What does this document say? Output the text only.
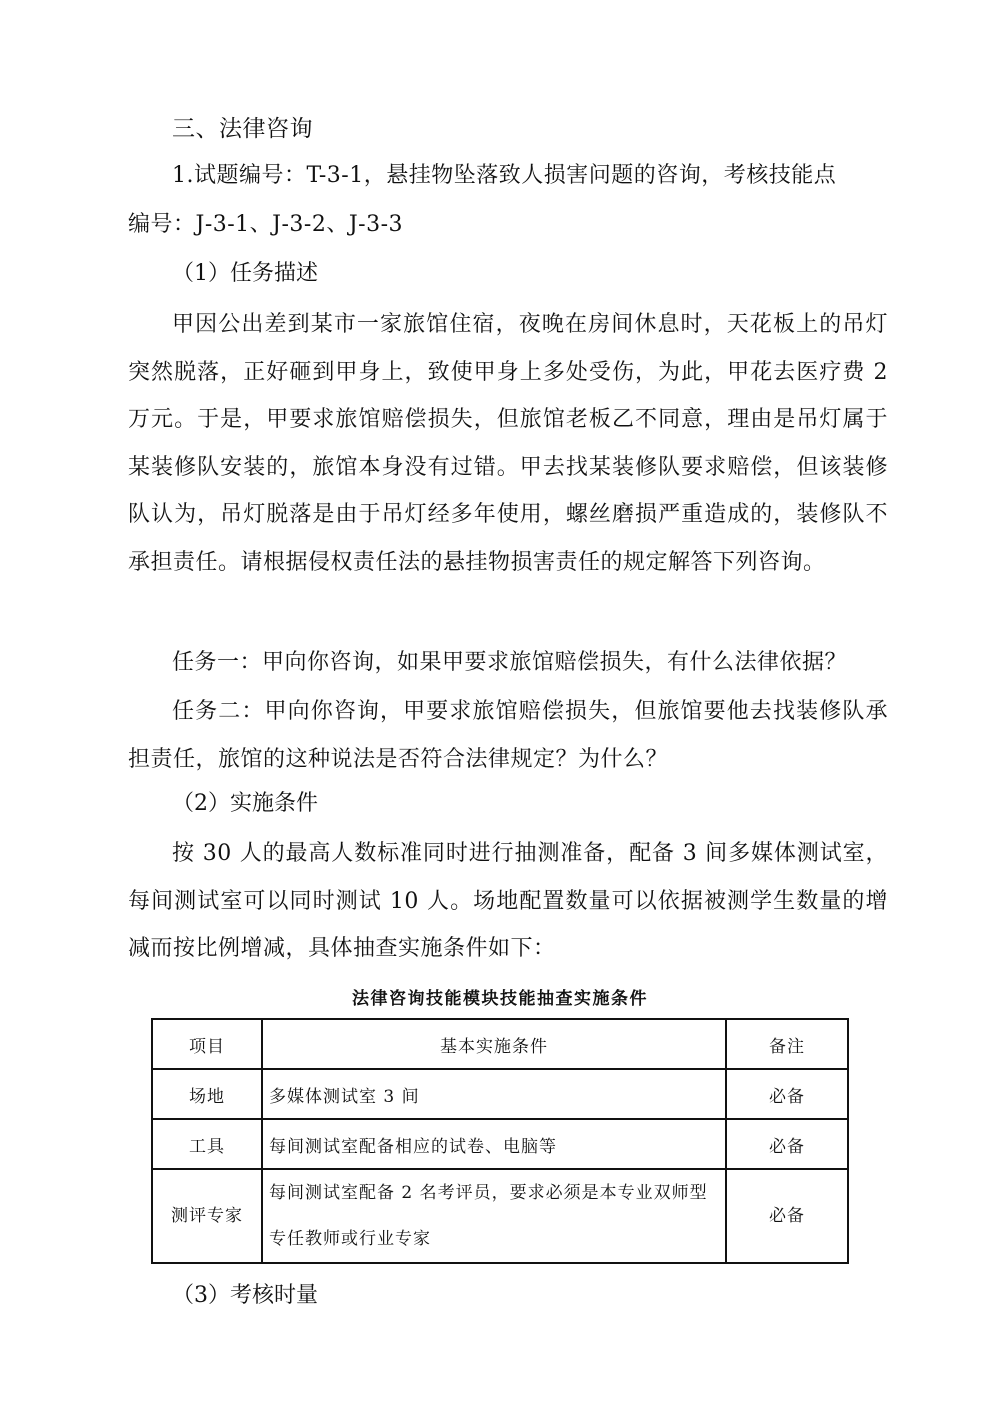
三、法律咨询
1.试题编号：T-3-1，悬挂物坠落致人损害问题的咨询，考核技能点
编号：J-3-1、J-3-2、J-3-3
（1）任务描述
甲因公出差到某市一家旅馆住宿，夜晚在房间休息时，天花板上的吊灯突然脱落，正好砸到甲身上，致使甲身上多处受伤，为此，甲花去医疗费 2 万元。于是，甲要求旅馆赔偿损失，但旅馆老板乙不同意，理由是吊灯属于某装修队安装的，旅馆本身没有过错。甲去找某装修队要求赔偿，但该装修队认为，吊灯脱落是由于吊灯经多年使用，螺丝磨损严重造成的，装修队不承担责任。请根据侵权责任法的悬挂物损害责任的规定解答下列咨询。
任务一：甲向你咨询，如果甲要求旅馆赔偿损失，有什么法律依据？
任务二：甲向你咨询，甲要求旅馆赔偿损失，但旅馆要他去找装修队承担责任，旅馆的这种说法是否符合法律规定？为什么？
（2）实施条件
按 30 人的最高人数标准同时进行抽测准备，配备 3 间多媒体测试室，每间测试室可以同时测试 10 人。场地配置数量可以依据被测学生数量的增减而按比例增减，具体抽查实施条件如下：
法律咨询技能模块技能抽查实施条件
项目	基本实施条件	备注
场地	多媒体测试室 3 间	必备
工具	每间测试室配备相应的试卷、电脑等	必备
测评专家	每间测试室配备 2 名考评员，要求必须是本专业双师型专任教师或行业专家	必备
（3）考核时量
